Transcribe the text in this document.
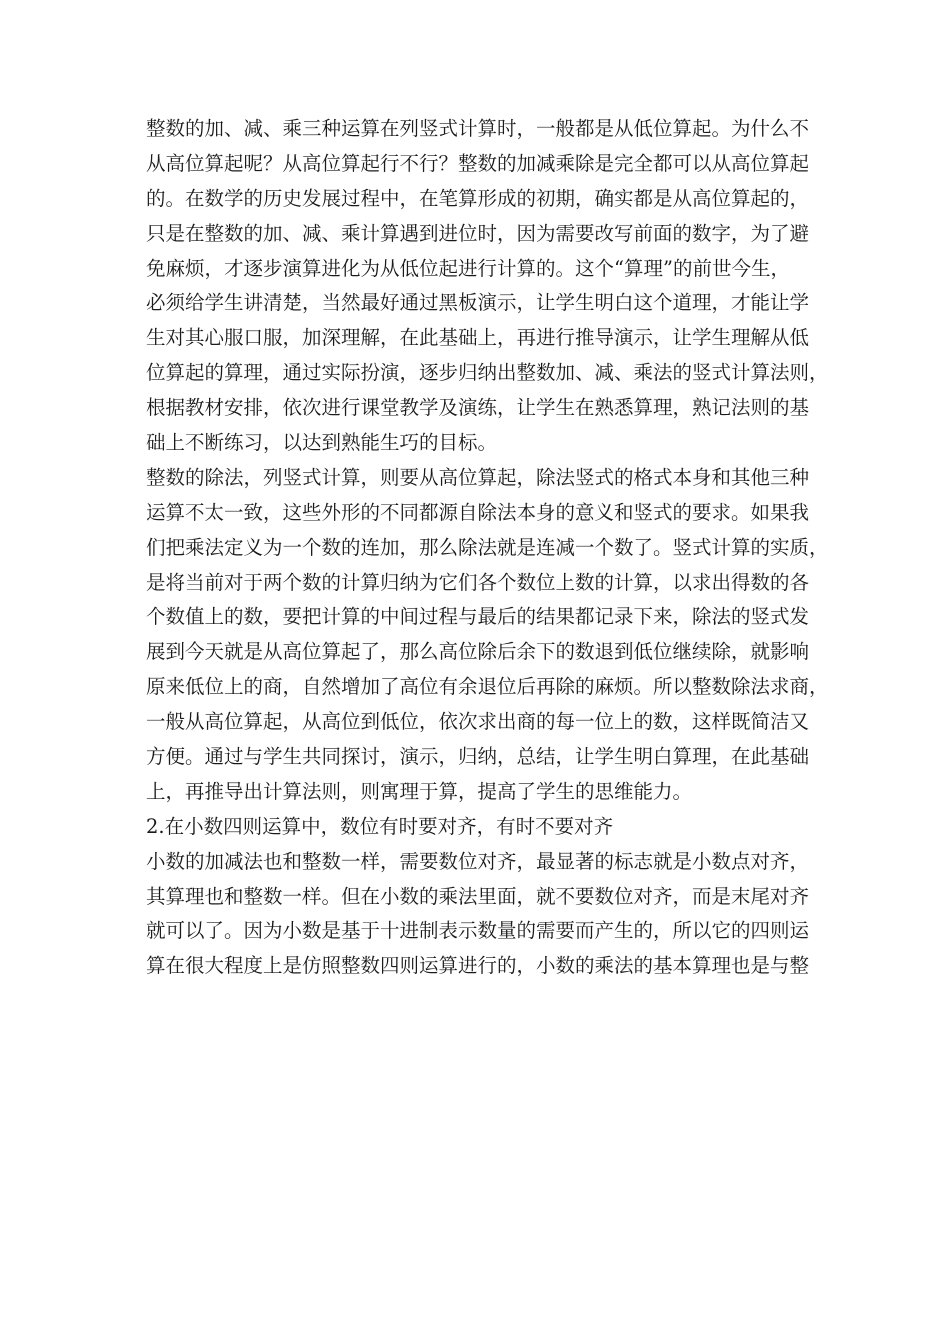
整数的加、减、乘三种运算在列竖式计算时，一般都是从低位算起。为什么不
从高位算起呢？从高位算起行不行？整数的加减乘除是完全都可以从高位算起
的。在数学的历史发展过程中，在笔算形成的初期，确实都是从高位算起的，
只是在整数的加、减、乘计算遇到进位时，因为需要改写前面的数字，为了避
免麻烦，才逐步演算进化为从低位起进行计算的。这个“算理”的前世今生，
必须给学生讲清楚，当然最好通过黑板演示，让学生明白这个道理，才能让学
生对其心服口服，加深理解，在此基础上，再进行推导演示，让学生理解从低
位算起的算理，通过实际扮演，逐步归纳出整数加、减、乘法的竖式计算法则，
根据教材安排，依次进行课堂教学及演练，让学生在熟悉算理，熟记法则的基
础上不断练习，以达到熟能生巧的目标。
整数的除法，列竖式计算，则要从高位算起，除法竖式的格式本身和其他三种
运算不太一致，这些外形的不同都源自除法本身的意义和竖式的要求。如果我
们把乘法定义为一个数的连加，那么除法就是连减一个数了。竖式计算的实质，
是将当前对于两个数的计算归纳为它们各个数位上数的计算，以求出得数的各
个数值上的数，要把计算的中间过程与最后的结果都记录下来，除法的竖式发
展到今天就是从高位算起了，那么高位除后余下的数退到低位继续除，就影响
原来低位上的商，自然增加了高位有余退位后再除的麻烦。所以整数除法求商，
一般从高位算起，从高位到低位，依次求出商的每一位上的数，这样既简洁又
方便。通过与学生共同探讨，演示，归纳，总结，让学生明白算理，在此基础
上，再推导出计算法则，则寓理于算，提高了学生的思维能力。
2.在小数四则运算中，数位有时要对齐，有时不要对齐
小数的加减法也和整数一样，需要数位对齐，最显著的标志就是小数点对齐，
其算理也和整数一样。但在小数的乘法里面，就不要数位对齐，而是末尾对齐
就可以了。因为小数是基于十进制表示数量的需要而产生的，所以它的四则运
算在很大程度上是仿照整数四则运算进行的，小数的乘法的基本算理也是与整
